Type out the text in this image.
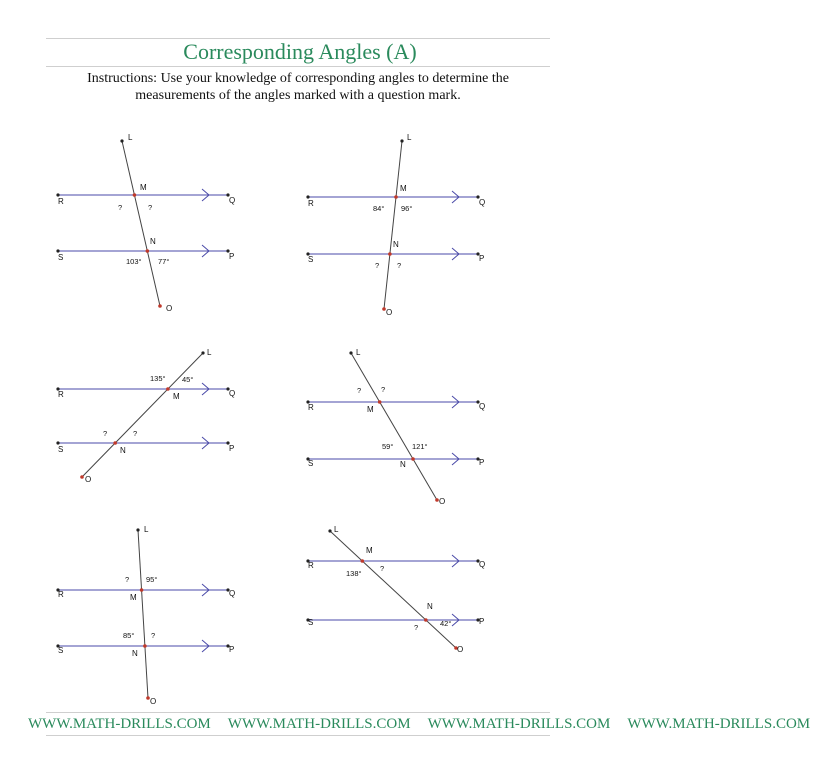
Corresponding Angles (A)
Instructions: Use your knowledge of corresponding angles to determine the measurements of the angles marked with a question mark.
L
M
N
O
R	Q
S	P
?	?
103° 77°
L
M
N
O
R	Q
S	P
84° 96°
? ?
L
M
N
O
R	Q
S	P
135° 45°
?	?
L
M
N
O
R	Q
S	P
?	?
59° 121°
L
M
N
O
R	Q
S	P
? 95°
85° ?
L
M
N
O
R	Q
S	P
138°
?
?	42°
WWW.MATH-DRILLS.COM WWW.MATH-DRILLS.COM WWW.MATH-DRILLS.COM WWW.MATH-DRILLS.COM
